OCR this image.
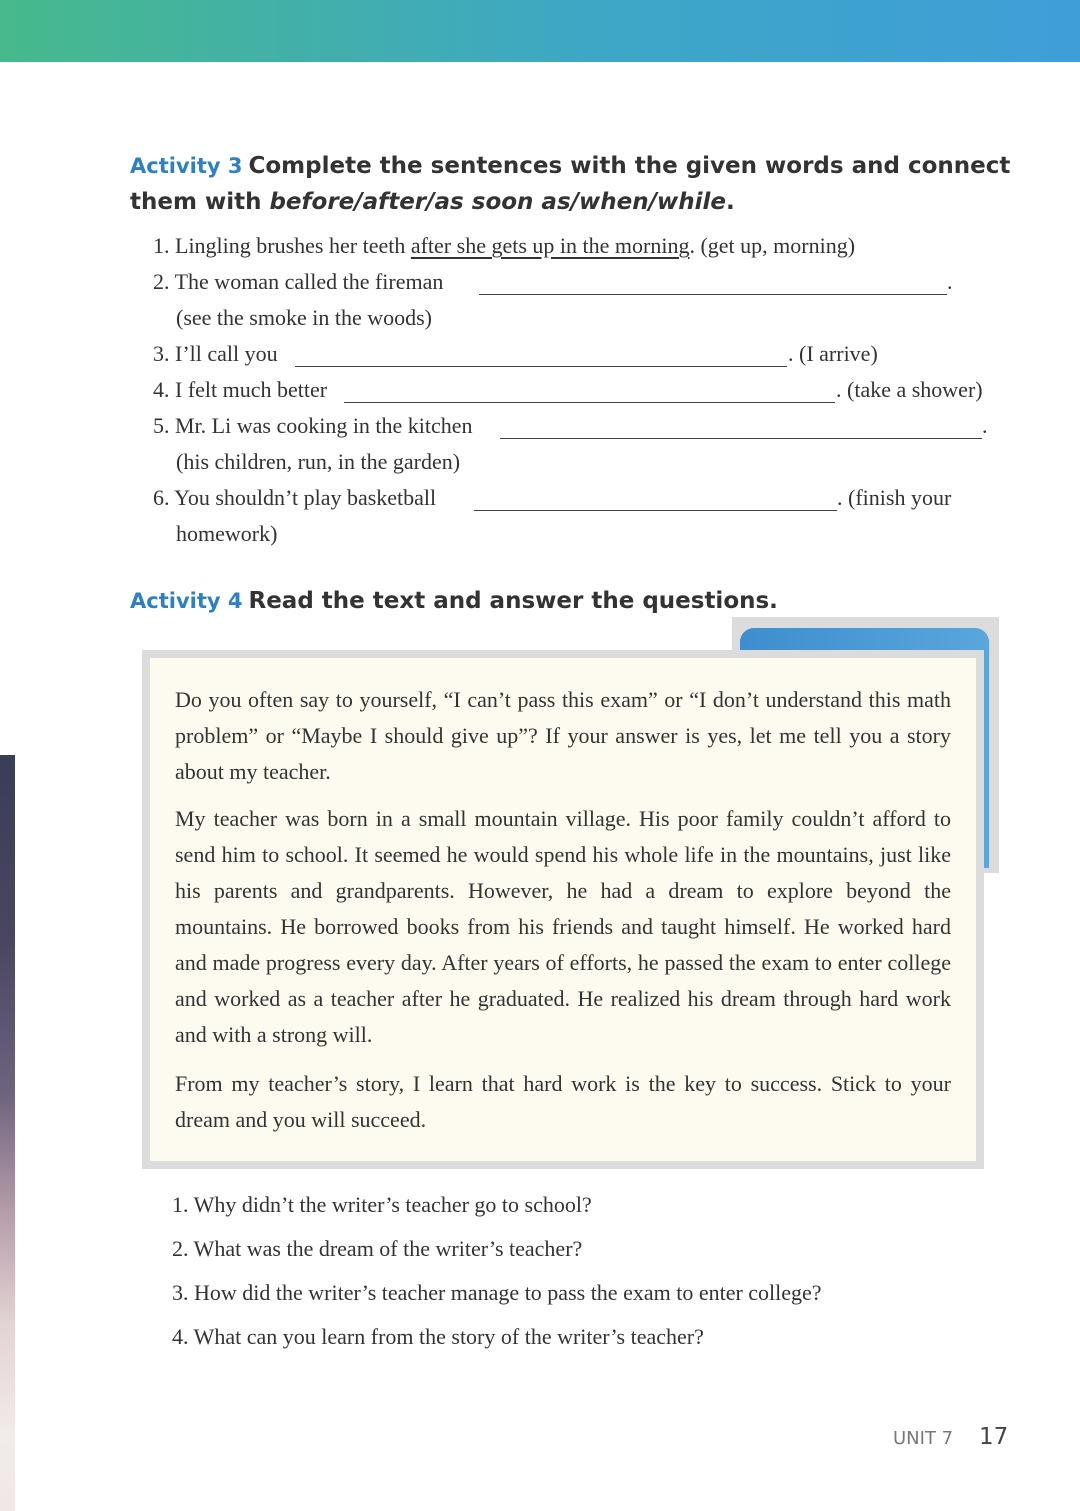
Activity 3 Complete the sentences with the given words and connect
them with before/after/as soon as/when/while.
1. Lingling brushes her teeth after she gets up in the morning. (get up, morning)
2. The woman called the fireman	.
(see the smoke in the woods)
3. I’ll call you	. (I arrive)
4. I felt much better	. (take a shower)
5. Mr. Li was cooking in the kitchen	.
(his children, run, in the garden)
6. You shouldn’t play basketball	. (finish your
homework)
Activity 4 Read the text and answer the questions.
Do you often say to yourself, “I can’t pass this exam” or “I don’t understand this math problem” or “Maybe I should give up”? If your answer is yes, let me tell you a story about my teacher.
My teacher was born in a small mountain village. His poor family couldn’t afford to send him to school. It seemed he would spend his whole life in the mountains, just like his parents and grandparents. However, he had a dream to explore beyond the mountains. He borrowed books from his friends and taught himself. He worked hard and made progress every day. After years of efforts, he passed the exam to enter college and worked as a teacher after he graduated. He realized his dream through hard work and with a strong will.
From my teacher’s story, I learn that hard work is the key to success. Stick to your dream and you will succeed.
1. Why didn’t the writer’s teacher go to school?
2. What was the dream of the writer’s teacher?
3. How did the writer’s teacher manage to pass the exam to enter college?
4. What can you learn from the story of the writer’s teacher?
UNIT 7 17
